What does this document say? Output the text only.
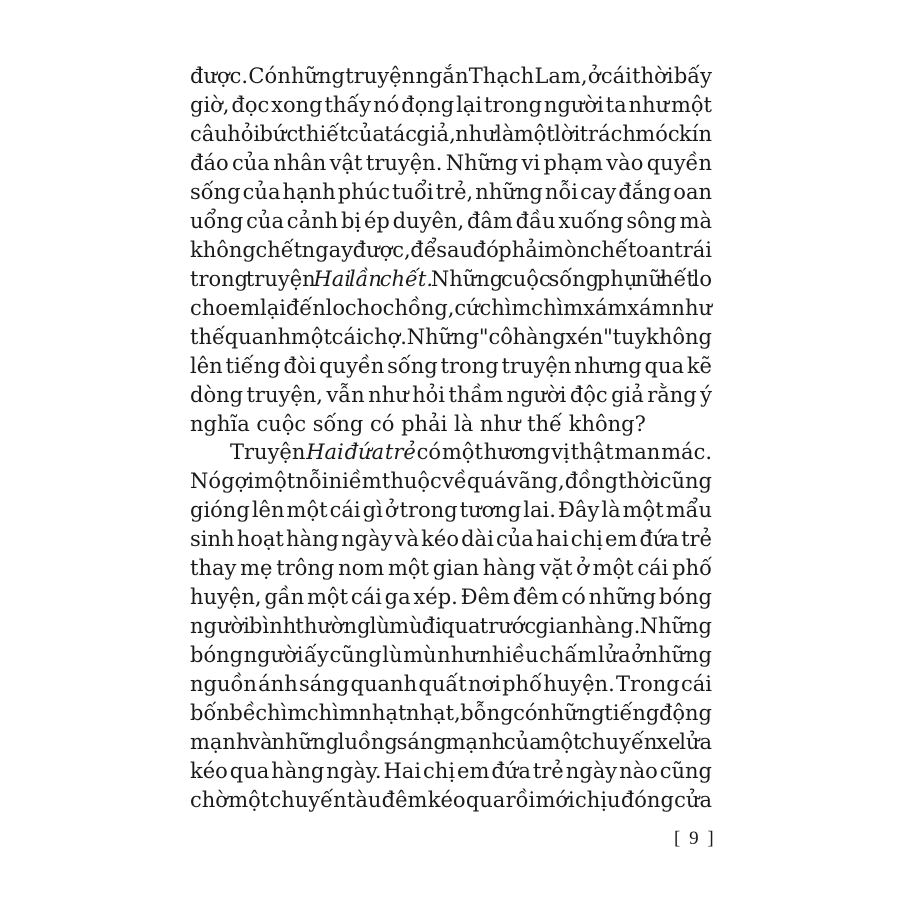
được. Có những truyện ngắn Thạch Lam, ở cái thời bấy
giờ, đọc xong thấy nó đọng lại trong người ta như một
câu hỏi bức thiết của tác giả, như là một lời trách móc kín
đáo của nhân vật truyện. Những vi phạm vào quyền
sống của hạnh phúc tuổi trẻ, những nỗi cay đắng oan
uổng của cảnh bị ép duyên, đâm đầu xuống sông mà
không chết ngay được, để sau đó phải mòn chết oan trái
trong truyện Hai lần chết. Những cuộc sống phụ nữ hết lo
cho em lại đến lo cho chồng, cứ chìm chìm xám xám như
thế quanh một cái chợ. Những "cô hàng xén" tuy không
lên tiếng đòi quyền sống trong truyện nhưng qua kẽ
dòng truyện, vẫn như hỏi thầm người độc giả rằng ý
nghĩa cuộc sống có phải là như thế không?
Truyện Hai đứa trẻ có một hương vị thật man mác.
Nó gợi một nỗi niềm thuộc về quá vãng, đồng thời cũng
gióng lên một cái gì ở trong tương lai. Đây là một mẩu
sinh hoạt hàng ngày và kéo dài của hai chị em đứa trẻ
thay mẹ trông nom một gian hàng vặt ở một cái phố
huyện, gần một cái ga xép. Đêm đêm có những bóng
người bình thường lù mù đi qua trước gian hàng. Những
bóng người ấy cũng lù mù như nhiều chấm lửa ở những
nguồn ánh sáng quanh quất nơi phố huyện. Trong cái
bốn bề chìm chìm nhạt nhạt, bỗng có những tiếng động
mạnh và những luồng sáng mạnh của một chuyến xe lửa
kéo qua hàng ngày. Hai chị em đứa trẻ ngày nào cũng
chờ một chuyến tàu đêm kéo qua rồi mới chịu đóng cửa
[ 9 ]
